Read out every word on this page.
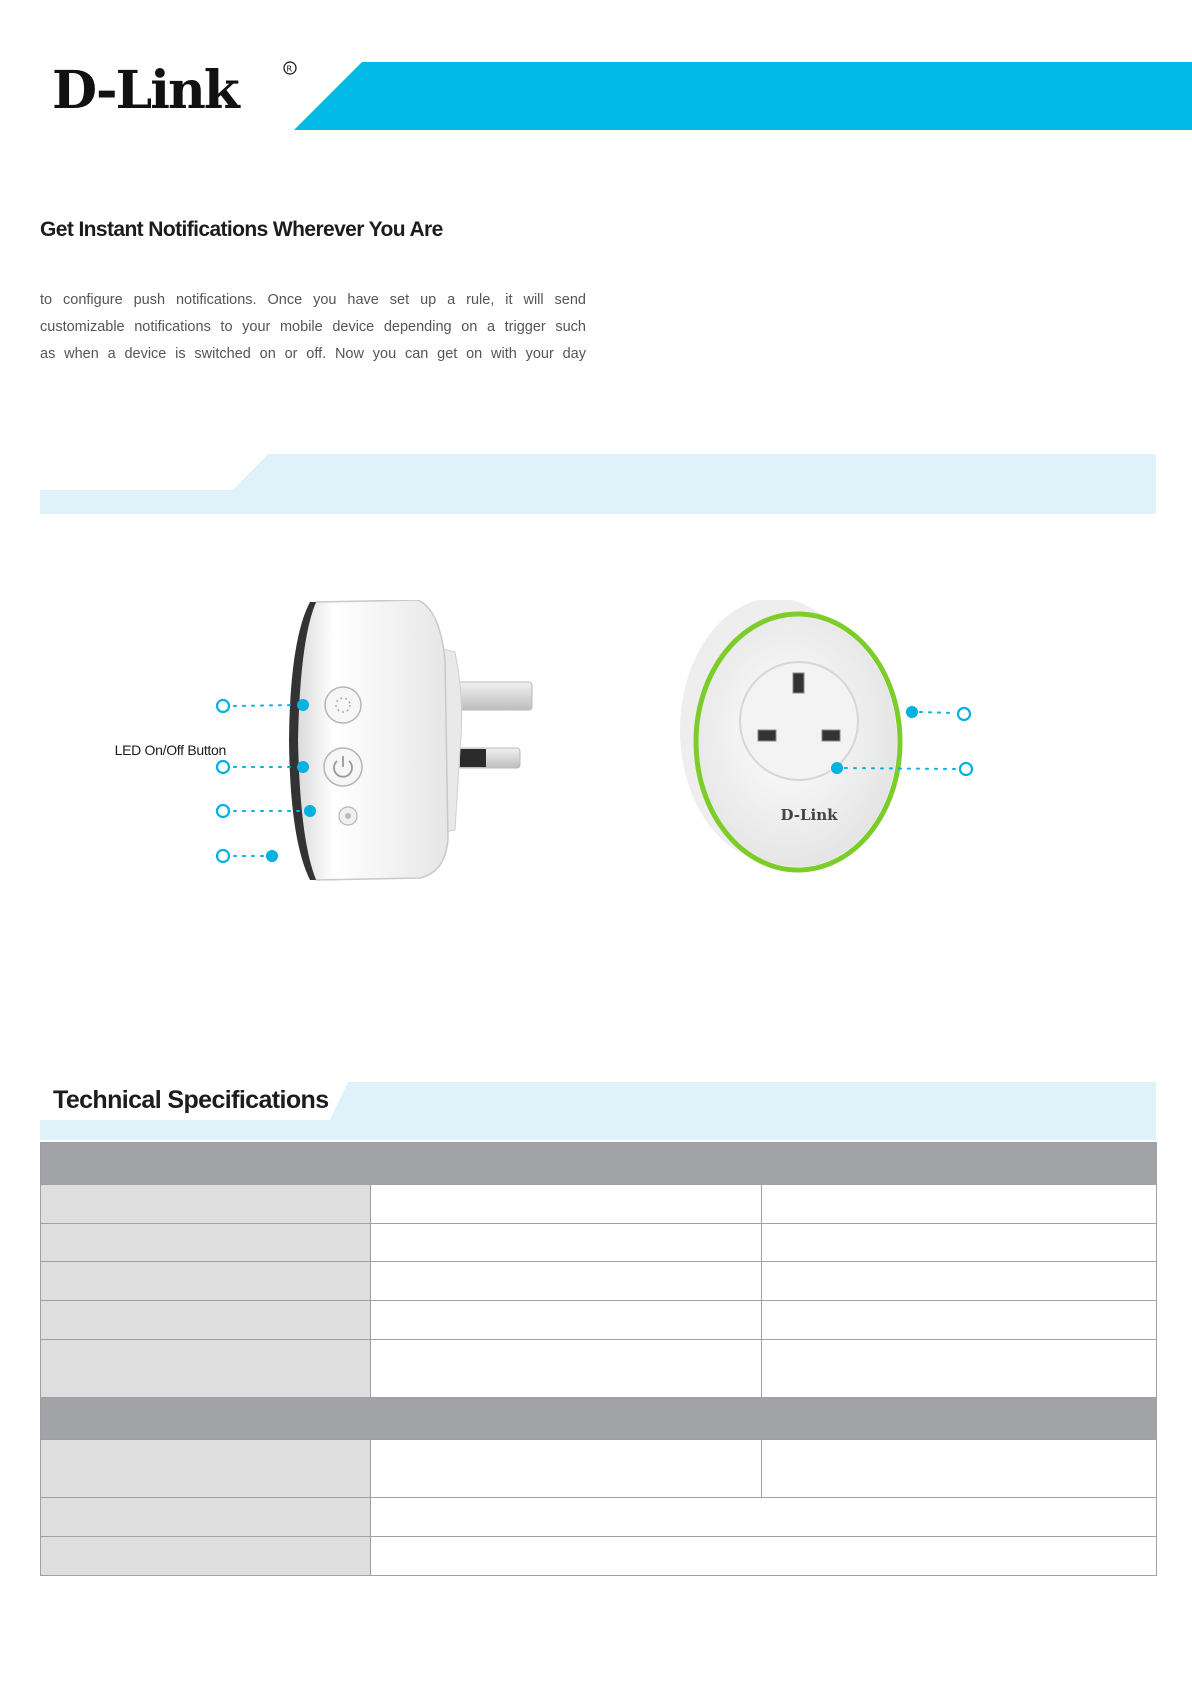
D-Link	R
Get Instant Notifications Wherever You Are

to configure push notifications. Once you have set up a rule, it will send

customizable notifications to your mobile device depending on a trigger such

as when a device is switched on or off. Now you can get on with your day

D-Link
LED On/Off Button
Technical Specifications
